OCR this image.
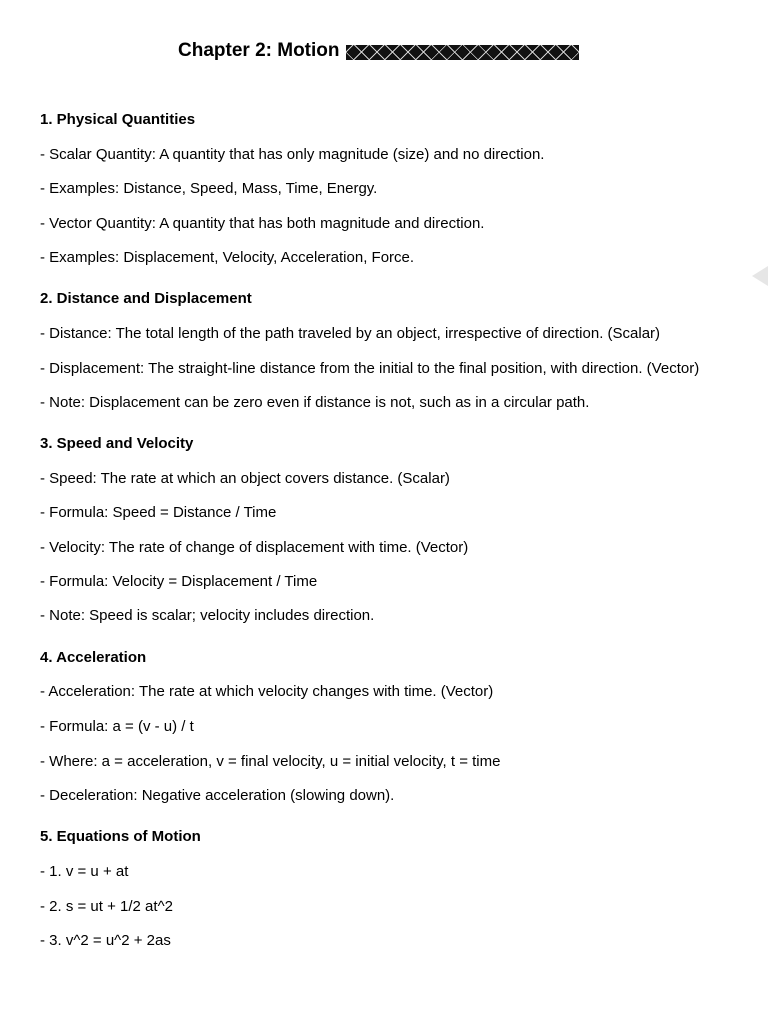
Chapter 2: Motion
1. Physical Quantities
- Scalar Quantity: A quantity that has only magnitude (size) and no direction.
- Examples: Distance, Speed, Mass, Time, Energy.
- Vector Quantity: A quantity that has both magnitude and direction.
- Examples: Displacement, Velocity, Acceleration, Force.
2. Distance and Displacement
- Distance: The total length of the path traveled by an object, irrespective of direction. (Scalar)
- Displacement: The straight-line distance from the initial to the final position, with direction. (Vector)
- Note: Displacement can be zero even if distance is not, such as in a circular path.
3. Speed and Velocity
- Speed: The rate at which an object covers distance. (Scalar)
- Formula: Speed = Distance / Time
- Velocity: The rate of change of displacement with time. (Vector)
- Formula: Velocity = Displacement / Time
- Note: Speed is scalar; velocity includes direction.
4. Acceleration
- Acceleration: The rate at which velocity changes with time. (Vector)
- Formula: a = (v - u) / t
- Where: a = acceleration, v = final velocity, u = initial velocity, t = time
- Deceleration: Negative acceleration (slowing down).
5. Equations of Motion
- 1. v = u + at
- 2. s = ut + 1/2 at^2
- 3. v^2 = u^2 + 2as
